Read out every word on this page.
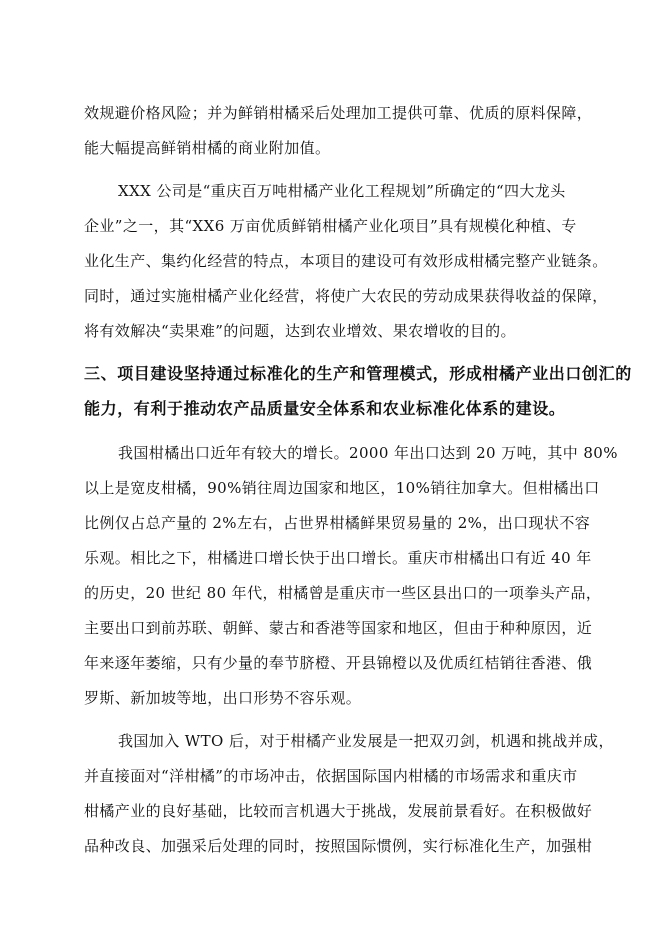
效规避价格风险；并为鲜销柑橘采后处理加工提供可靠、优质的原料保障，

能大幅提高鲜销柑橘的商业附加值。

XXX 公司是“重庆百万吨柑橘产业化工程规划”所确定的“四大龙头

企业”之一，其“XX6 万亩优质鲜销柑橘产业化项目”具有规模化种植、专

业化生产、集约化经营的特点，本项目的建设可有效形成柑橘完整产业链条。

同时，通过实施柑橘产业化经营，将使广大农民的劳动成果获得收益的保障，

将有效解决“卖果难”的问题，达到农业增效、果农增收的目的。

三、项目建设坚持通过标准化的生产和管理模式，形成柑橘产业出口创汇的

能力，有利于推动农产品质量安全体系和农业标准化体系的建设。

我国柑橘出口近年有较大的增长。2000 年出口达到 20 万吨，其中 80%

以上是宽皮柑橘，90%销往周边国家和地区，10%销往加拿大。但柑橘出口

比例仅占总产量的 2%左右，占世界柑橘鲜果贸易量的 2%，出口现状不容

乐观。相比之下，柑橘进口增长快于出口增长。重庆市柑橘出口有近 40 年

的历史，20 世纪 80 年代，柑橘曾是重庆市一些区县出口的一项拳头产品，

主要出口到前苏联、朝鲜、蒙古和香港等国家和地区，但由于种种原因，近

年来逐年萎缩，只有少量的奉节脐橙、开县锦橙以及优质红桔销往香港、俄

罗斯、新加坡等地，出口形势不容乐观。

我国加入 WTO 后，对于柑橘产业发展是一把双刃剑，机遇和挑战并成，

并直接面对“洋柑橘”的市场冲击，依据国际国内柑橘的市场需求和重庆市

柑橘产业的良好基础，比较而言机遇大于挑战，发展前景看好。在积极做好

品种改良、加强采后处理的同时，按照国际惯例，实行标准化生产，加强柑
